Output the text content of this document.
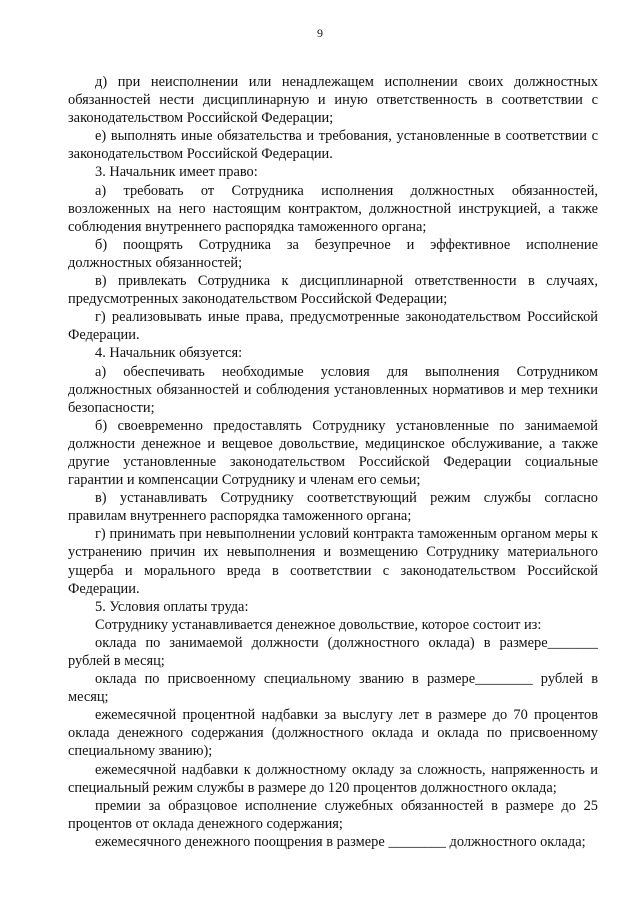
9

д) при неисполнении или ненадлежащем исполнении своих должностных обязанностей нести дисциплинарную и иную ответственность в соответствии с законодательством Российской Федерации;

е) выполнять иные обязательства и требования, установленные в соответствии с законодательством Российской Федерации.

3. Начальник имеет право:

а) требовать от Сотрудника исполнения должностных обязанностей, возложенных на него настоящим контрактом, должностной инструкцией, а также соблюдения внутреннего распорядка таможенного органа;

б) поощрять Сотрудника за безупречное и эффективное исполнение должностных обязанностей;

в) привлекать Сотрудника к дисциплинарной ответственности в случаях, предусмотренных законодательством Российской Федерации;

г) реализовывать иные права, предусмотренные законодательством Российской Федерации.

4. Начальник обязуется:

а) обеспечивать необходимые условия для выполнения Сотрудником должностных обязанностей и соблюдения установленных нормативов и мер техники безопасности;

б) своевременно предоставлять Сотруднику установленные по занимаемой должности денежное и вещевое довольствие, медицинское обслуживание, а также другие установленные законодательством Российской Федерации социальные гарантии и компенсации Сотруднику и членам его семьи;

в) устанавливать Сотруднику соответствующий режим службы согласно правилам внутреннего распорядка таможенного органа;

г) принимать при невыполнении условий контракта таможенным органом меры к устранению причин их невыполнения и возмещению Сотруднику материального ущерба и морального вреда в соответствии с законодательством Российской Федерации.

5. Условия оплаты труда:

Сотруднику устанавливается денежное довольствие, которое состоит из:

оклада по занимаемой должности (должностного оклада) в размере_______ рублей в месяц;

оклада по присвоенному специальному званию в размере________ рублей в месяц;

ежемесячной процентной надбавки за выслугу лет в размере до 70 процентов оклада денежного содержания (должностного оклада и оклада по присвоенному специальному званию);

ежемесячной надбавки к должностному окладу за сложность, напряженность и специальный режим службы в размере до 120 процентов должностного оклада;

премии за образцовое исполнение служебных обязанностей в размере до 25 процентов от оклада денежного содержания;

ежемесячного денежного поощрения в размере ________ должностного оклада;
